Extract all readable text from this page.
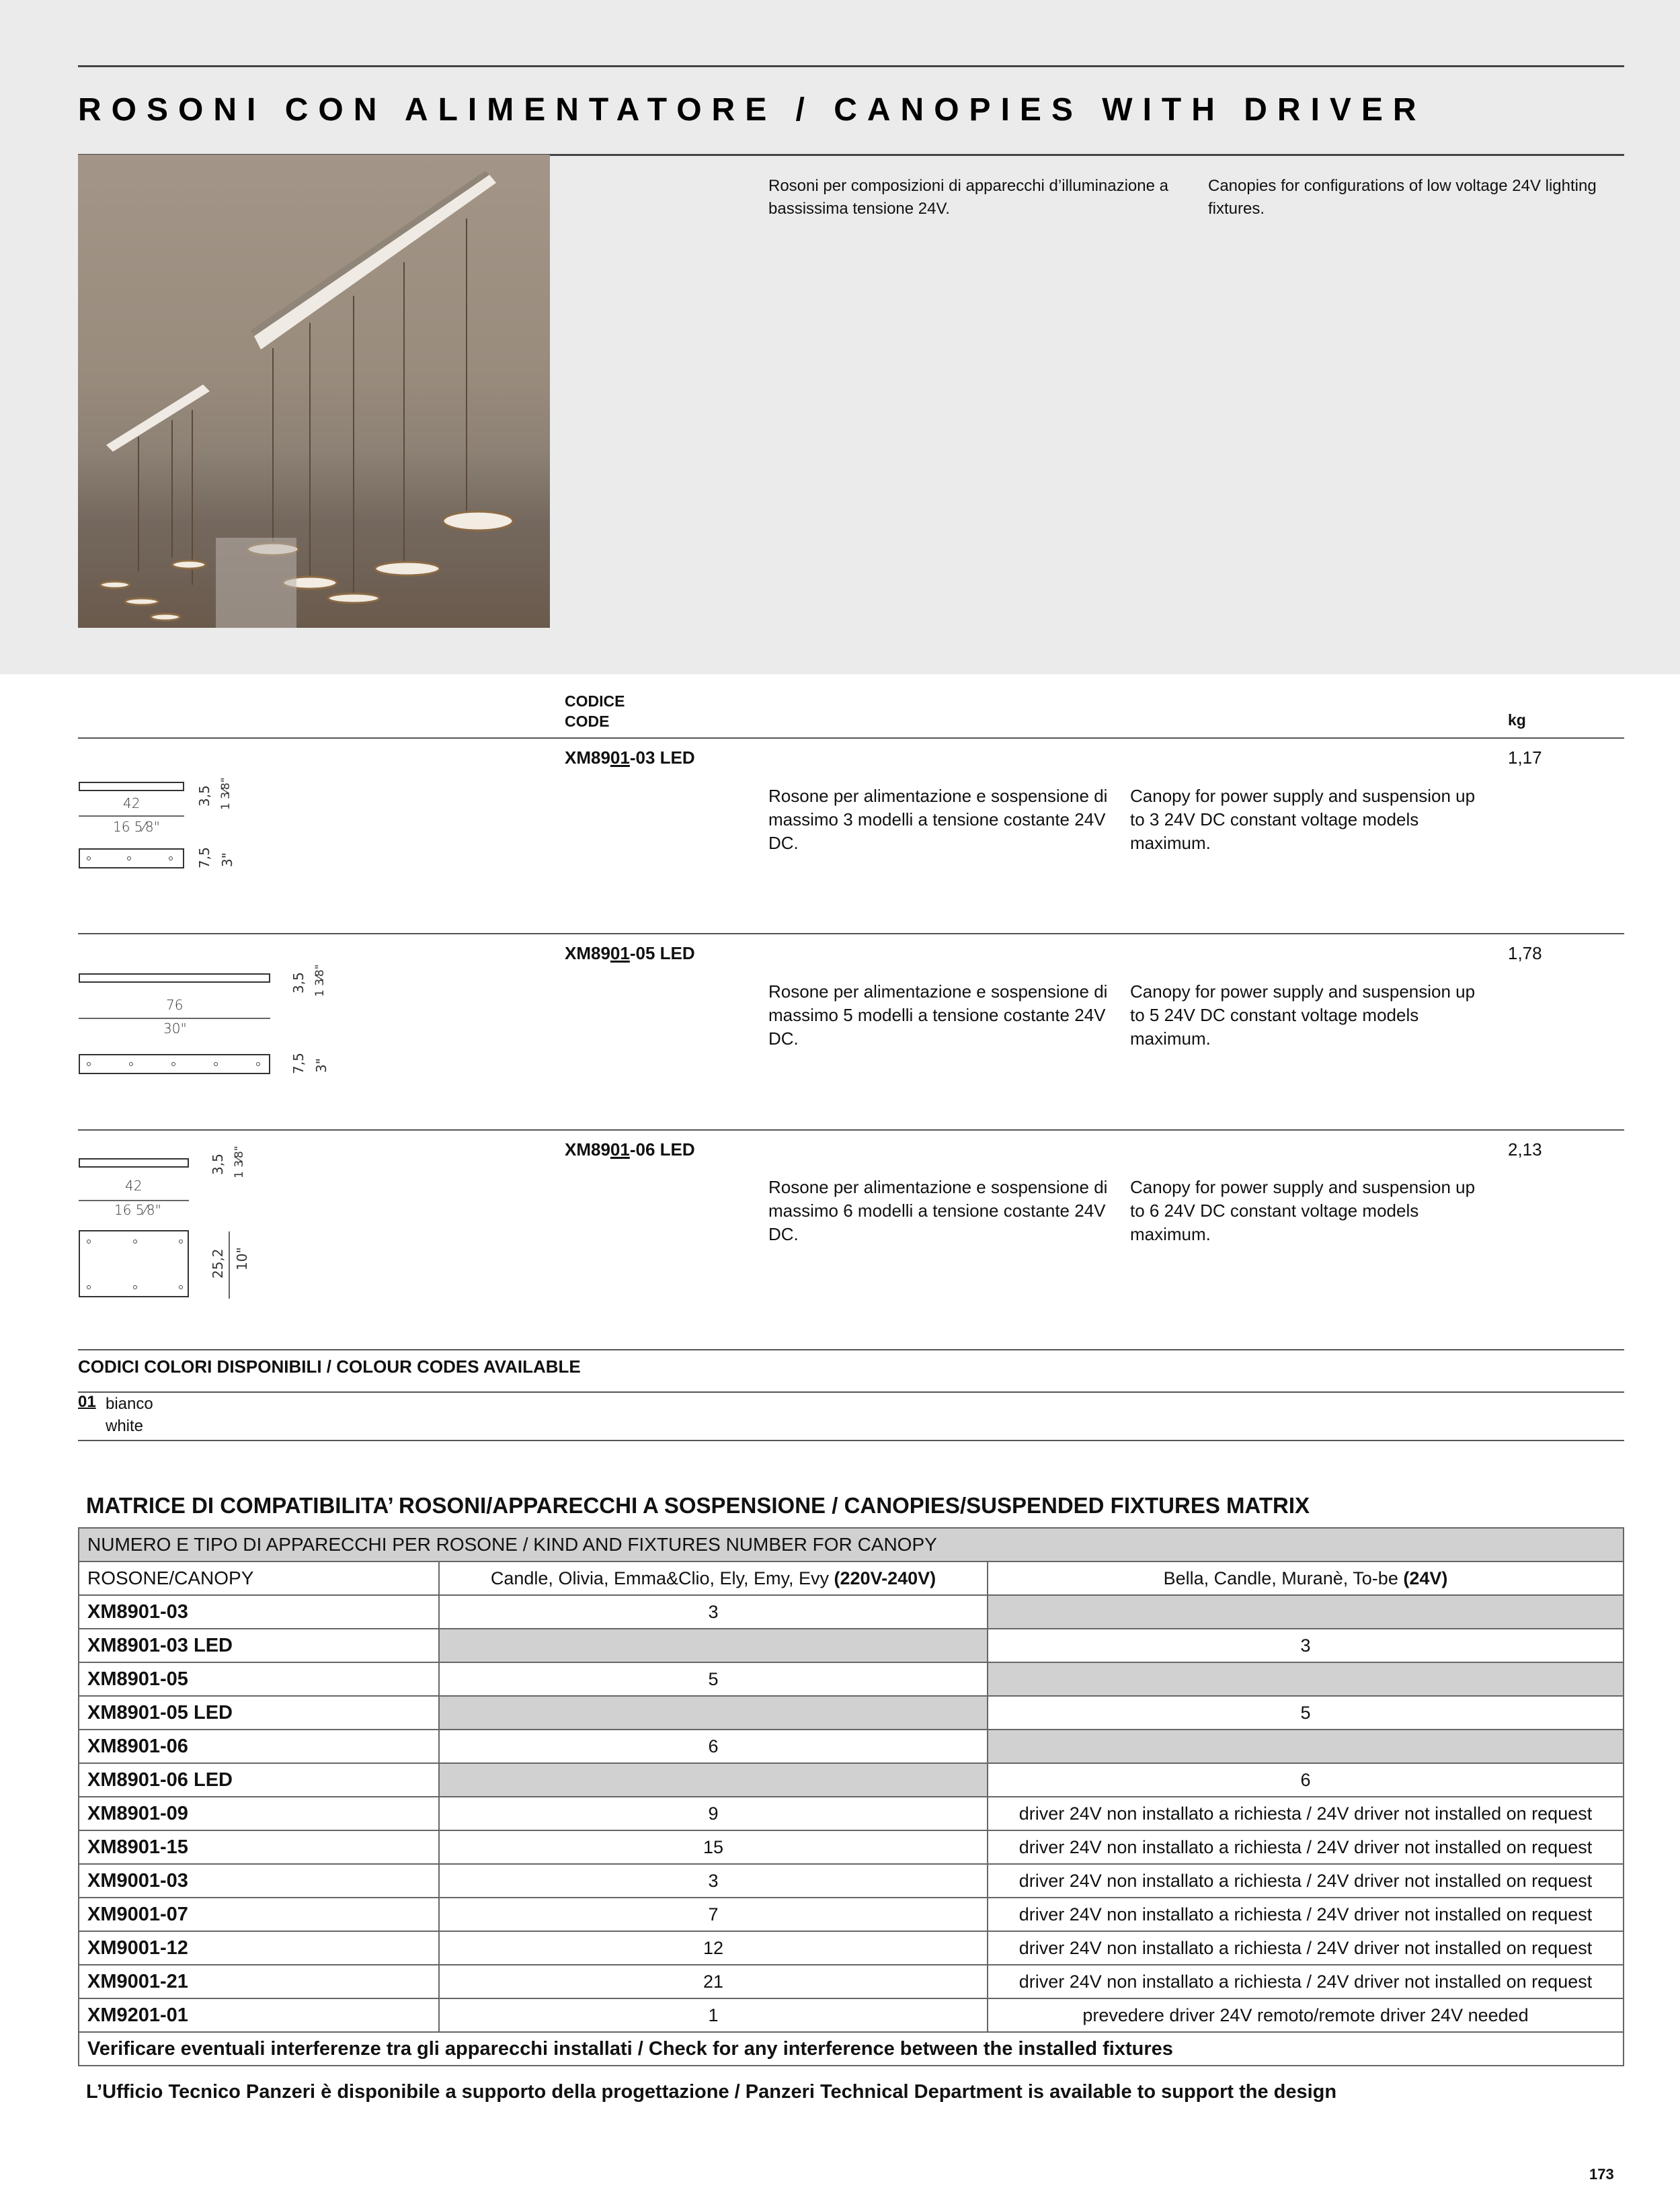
ROSONI CON ALIMENTATORE / CANOPIES WITH DRIVER

Rosoni per composizioni di apparecchi d’illuminazione a bassissima tensione 24V.

Canopies for configurations of low voltage 24V lighting fixtures.

CODICE
CODE	kg
XM8901-03 LED	1,17

Rosone per alimentazione e sospensione di massimo 3 modelli a tensione costante 24V DC.

Canopy for power supply and suspension up to 3 24V DC constant voltage models maximum.

42
16 5⁄8"
3,5 1 3⁄8"
7,5 3"
XM8901-05 LED	1,78

Rosone per alimentazione e sospensione di massimo 5 modelli a tensione costante 24V DC.

Canopy for power supply and suspension up to 5 24V DC constant voltage models maximum.

76
30"
3,5 1 3⁄8"
7,5 3"
XM8901-06 LED	2,13

Rosone per alimentazione e sospensione di massimo 6 modelli a tensione costante 24V DC.

Canopy for power supply and suspension up to 6 24V DC constant voltage models maximum.

42
16 5⁄8"
3,5 1 3⁄8"
25,2 10"
CODICI COLORI DISPONIBILI / COLOUR CODES AVAILABLE
01 bianco
white
MATRICE DI COMPATIBILITA’ ROSONI/APPARECCHI A SOSPENSIONE / CANOPIES/SUSPENDED FIXTURES MATRIX
NUMERO E TIPO DI APPARECCHI PER ROSONE / KIND AND FIXTURES NUMBER FOR CANOPY		
ROSONE/CANOPY	Candle, Olivia, Emma&Clio, Ely, Emy, Evy (220V-240V)	Bella, Candle, Muranè, To-be (24V)
XM8901-03	3	
XM8901-03 LED		3
XM8901-05	5	
XM8901-05 LED		5
XM8901-06	6	
XM8901-06 LED		6
XM8901-09	9	driver 24V non installato a richiesta / 24V driver not installed on request
XM8901-15	15	driver 24V non installato a richiesta / 24V driver not installed on request
XM9001-03	3	driver 24V non installato a richiesta / 24V driver not installed on request
XM9001-07	7	driver 24V non installato a richiesta / 24V driver not installed on request
XM9001-12	12	driver 24V non installato a richiesta / 24V driver not installed on request
XM9001-21	21	driver 24V non installato a richiesta / 24V driver not installed on request
XM9201-01	1	prevedere driver 24V remoto/remote driver 24V needed
Verificare eventuali interferenze tra gli apparecchi installati / Check for any interference between the installed fixtures		
L’Ufficio Tecnico Panzeri è disponibile a supporto della progettazione / Panzeri Technical Department is available to support the design
173
